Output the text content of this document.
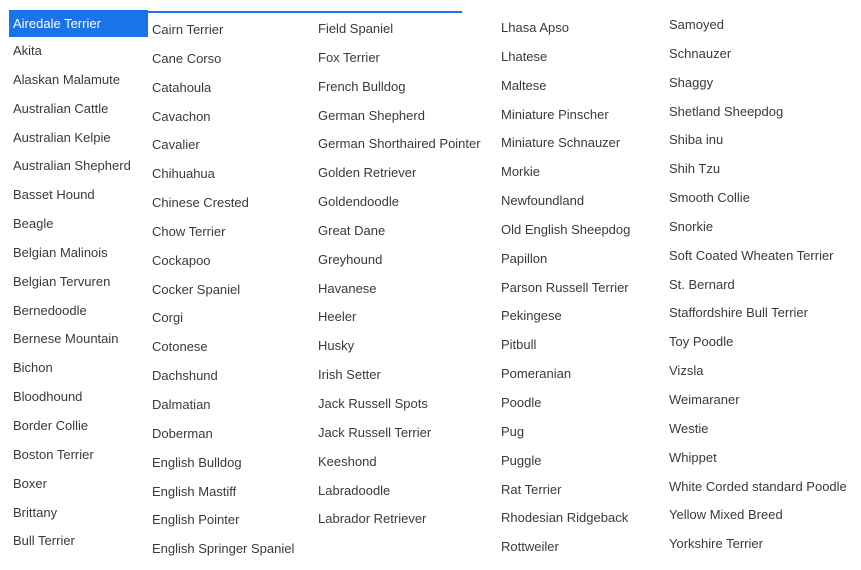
Airedale Terrier
Akita
Alaskan Malamute
Australian Cattle
Australian Kelpie
Australian Shepherd
Basset Hound
Beagle
Belgian Malinois
Belgian Tervuren
Bernedoodle
Bernese Mountain
Bichon
Bloodhound
Border Collie
Boston Terrier
Boxer
Brittany
Bull Terrier
Cairn Terrier
Cane Corso
Catahoula
Cavachon
Cavalier
Chihuahua
Chinese Crested
Chow Terrier
Cockapoo
Cocker Spaniel
Corgi
Cotonese
Dachshund
Dalmatian
Doberman
English Bulldog
English Mastiff
English Pointer
English Springer Spaniel
Field Spaniel
Fox Terrier
French Bulldog
German Shepherd
German Shorthaired Pointer
Golden Retriever
Goldendoodle
Great Dane
Greyhound
Havanese
Heeler
Husky
Irish Setter
Jack Russell Spots
Jack Russell Terrier
Keeshond
Labradoodle
Labrador Retriever
Lhasa Apso
Lhatese
Maltese
Miniature Pinscher
Miniature Schnauzer
Morkie
Newfoundland
Old English Sheepdog
Papillon
Parson Russell Terrier
Pekingese
Pitbull
Pomeranian
Poodle
Pug
Puggle
Rat Terrier
Rhodesian Ridgeback
Rottweiler
Samoyed
Schnauzer
Shaggy
Shetland Sheepdog
Shiba inu
Shih Tzu
Smooth Collie
Snorkie
Soft Coated Wheaten Terrier
St. Bernard
Staffordshire Bull Terrier
Toy Poodle
Vizsla
Weimaraner
Westie
Whippet
White Corded standard Poodle
Yellow Mixed Breed
Yorkshire Terrier
